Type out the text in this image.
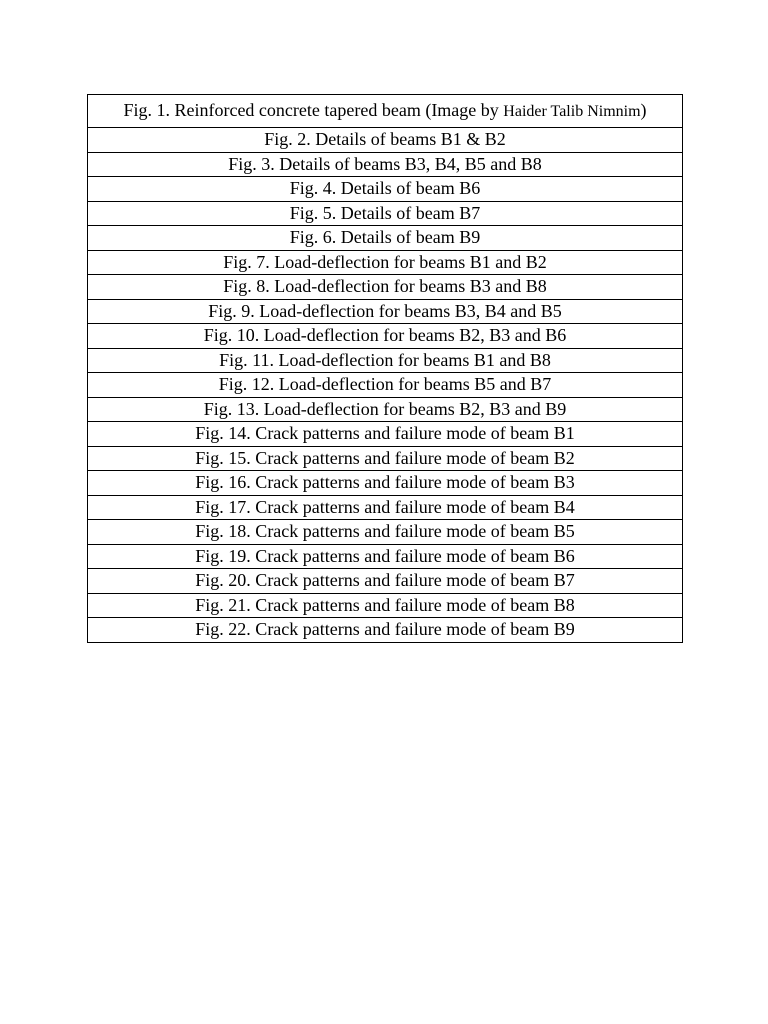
Fig. 1. Reinforced concrete tapered beam (Image by Haider Talib Nimnim)
Fig. 2. Details of beams B1 & B2
Fig. 3. Details of beams B3, B4, B5 and B8
Fig. 4. Details of beam B6
Fig. 5. Details of beam B7
Fig. 6. Details of beam B9
Fig. 7. Load-deflection for beams B1 and B2
Fig. 8. Load-deflection for beams B3 and B8
Fig. 9. Load-deflection for beams B3, B4 and B5
Fig. 10. Load-deflection for beams B2, B3 and B6
Fig. 11. Load-deflection for beams B1 and B8
Fig. 12. Load-deflection for beams B5 and B7
Fig. 13. Load-deflection for beams B2, B3 and B9
Fig. 14. Crack patterns and failure mode of beam B1
Fig. 15. Crack patterns and failure mode of beam B2
Fig. 16. Crack patterns and failure mode of beam B3
Fig. 17. Crack patterns and failure mode of beam B4
Fig. 18. Crack patterns and failure mode of beam B5
Fig. 19. Crack patterns and failure mode of beam B6
Fig. 20. Crack patterns and failure mode of beam B7
Fig. 21. Crack patterns and failure mode of beam B8
Fig. 22. Crack patterns and failure mode of beam B9
